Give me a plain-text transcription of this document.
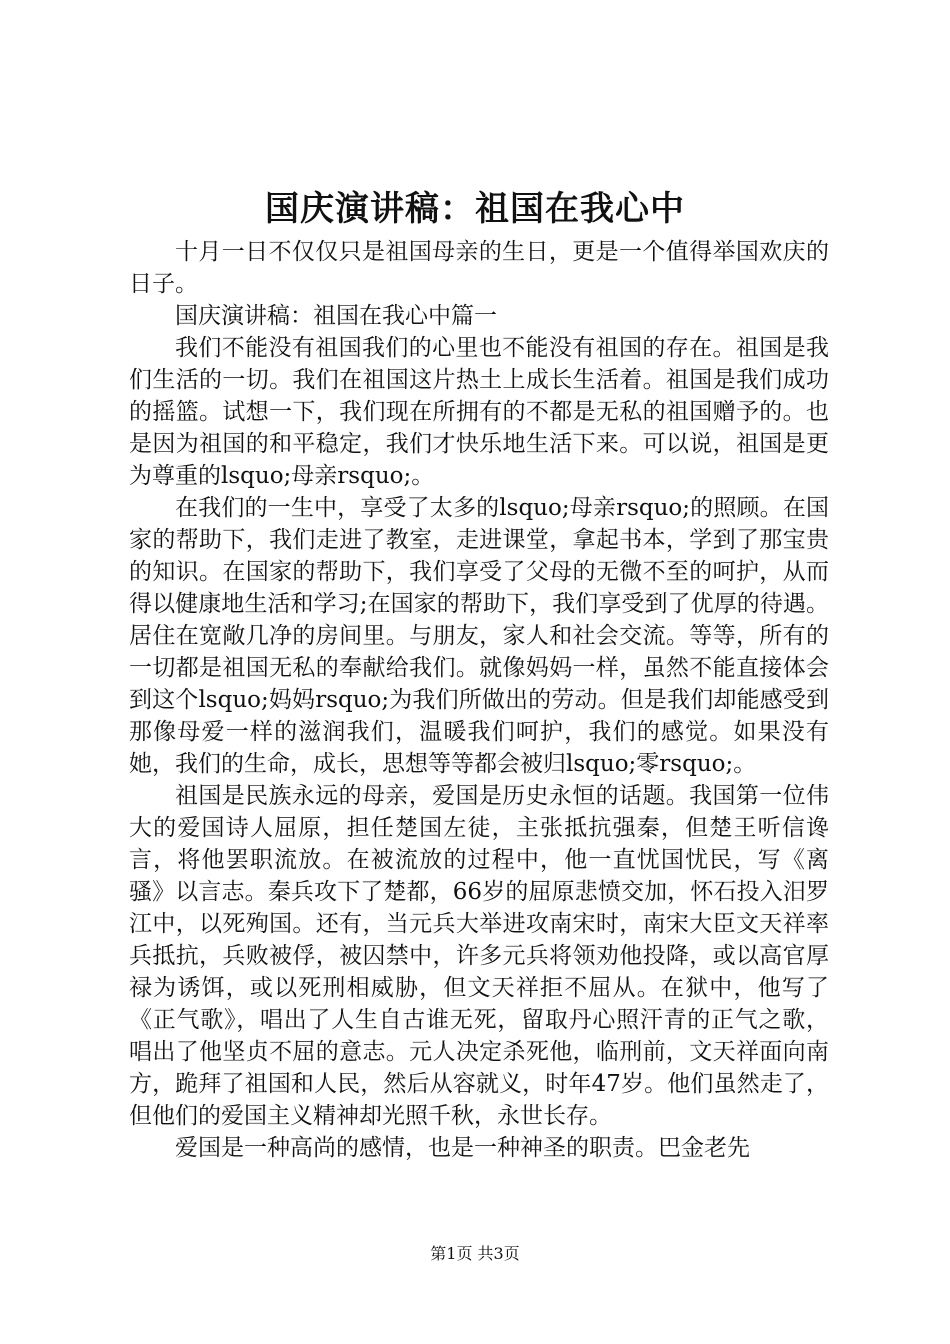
国庆演讲稿：祖国在我心中

十月一日不仅仅只是祖国母亲的生日，更是一个值得举国欢庆的日子。

国庆演讲稿：祖国在我心中篇一

我们不能没有祖国我们的心里也不能没有祖国的存在。祖国是我们生活的一切。我们在祖国这片热土上成长生活着。祖国是我们成功的摇篮。试想一下，我们现在所拥有的不都是无私的祖国赠予的。也是因为祖国的和平稳定，我们才快乐地生活下来。可以说，祖国是更为尊重的lsquo;母亲rsquo;。

在我们的一生中，享受了太多的lsquo;母亲rsquo;的照顾。在国家的帮助下，我们走进了教室，走进课堂，拿起书本，学到了那宝贵的知识。在国家的帮助下，我们享受了父母的无微不至的呵护，从而得以健康地生活和学习;在国家的帮助下，我们享受到了优厚的待遇。居住在宽敞几净的房间里。与朋友，家人和社会交流。等等，所有的一切都是祖国无私的奉献给我们。就像妈妈一样，虽然不能直接体会到这个lsquo;妈妈rsquo;为我们所做出的劳动。但是我们却能感受到那像母爱一样的滋润我们，温暖我们呵护，我们的感觉。如果没有她，我们的生命，成长，思想等等都会被归lsquo;零rsquo;。

祖国是民族永远的母亲，爱国是历史永恒的话题。我国第一位伟大的爱国诗人屈原，担任楚国左徒，主张抵抗强秦，但楚王听信谗言，将他罢职流放。在被流放的过程中，他一直忧国忧民，写《离骚》以言志。秦兵攻下了楚都，66岁的屈原悲愤交加，怀石投入汨罗江中，以死殉国。还有，当元兵大举进攻南宋时，南宋大臣文天祥率兵抵抗，兵败被俘，被囚禁中，许多元兵将领劝他投降，或以高官厚禄为诱饵，或以死刑相威胁，但文天祥拒不屈从。在狱中，他写了《正气歌》，唱出了人生自古谁无死，留取丹心照汗青的正气之歌，唱出了他坚贞不屈的意志。元人决定杀死他，临刑前，文天祥面向南方，跪拜了祖国和人民，然后从容就义，时年47岁。他们虽然走了，但他们的爱国主义精神却光照千秋，永世长存。

爱国是一种高尚的感情，也是一种神圣的职责。巴金老先

第1页 共3页
